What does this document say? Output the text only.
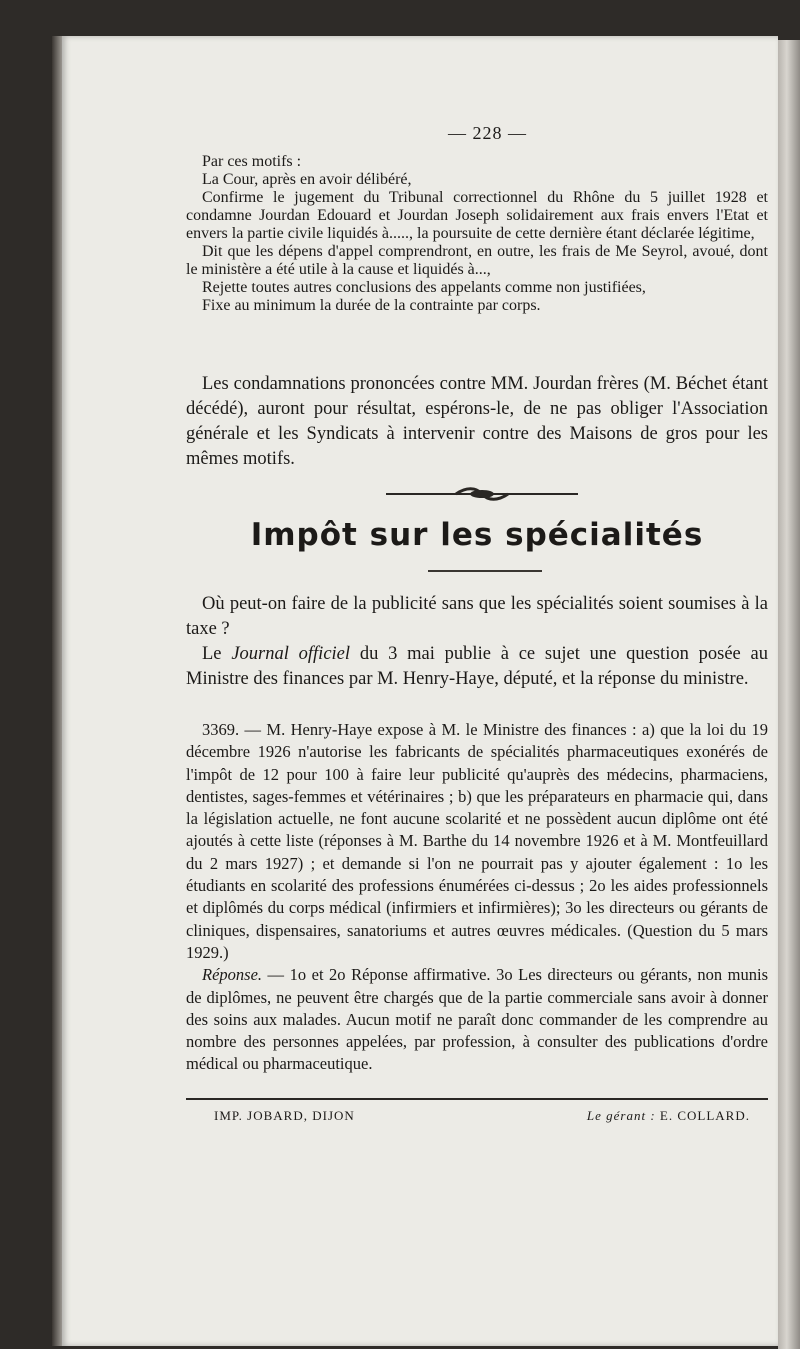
— 228 —

Par ces motifs :

La Cour, après en avoir délibéré,

Confirme le jugement du Tribunal correctionnel du Rhône du 5 juillet 1928 et condamne Jourdan Edouard et Jourdan Joseph solidairement aux frais envers l'Etat et envers la partie civile liquidés à....., la poursuite de cette dernière étant déclarée légitime,

Dit que les dépens d'appel comprendront, en outre, les frais de Me Seyrol, avoué, dont le ministère a été utile à la cause et liquidés à...,

Rejette toutes autres conclusions des appelants comme non justifiées,

Fixe au minimum la durée de la contrainte par corps.

Les condamnations prononcées contre MM. Jourdan frères (M. Béchet étant décédé), auront pour résultat, espérons-le, de ne pas obliger l'Association générale et les Syndicats à intervenir contre des Maisons de gros pour les mêmes motifs.

Impôt sur les spécialités

Où peut-on faire de la publicité sans que les spécialités soient soumises à la taxe ?

Le Journal officiel du 3 mai publie à ce sujet une question posée au Ministre des finances par M. Henry-Haye, député, et la réponse du ministre.

3369. — M. Henry-Haye expose à M. le Ministre des finances : a) que la loi du 19 décembre 1926 n'autorise les fabricants de spécialités pharmaceutiques exonérés de l'impôt de 12 pour 100 à faire leur publicité qu'auprès des médecins, pharmaciens, dentistes, sages-femmes et vétérinaires ; b) que les préparateurs en pharmacie qui, dans la législation actuelle, ne font aucune scolarité et ne possèdent aucun diplôme ont été ajoutés à cette liste (réponses à M. Barthe du 14 novembre 1926 et à M. Montfeuillard du 2 mars 1927) ; et demande si l'on ne pourrait pas y ajouter également : 1o les étudiants en scolarité des professions énumérées ci-dessus ; 2o les aides professionnels et diplômés du corps médical (infirmiers et infirmières); 3o les directeurs ou gérants de cliniques, dispensaires, sanatoriums et autres œuvres médicales. (Question du 5 mars 1929.)

Réponse. — 1o et 2o Réponse affirmative. 3o Les directeurs ou gérants, non munis de diplômes, ne peuvent être chargés que de la partie commerciale sans avoir à donner des soins aux malades. Aucun motif ne paraît donc commander de les comprendre au nombre des personnes appelées, par profession, à consulter des publications d'ordre médical ou pharmaceutique.

IMP. JOBARD, DIJON	Le gérant : E. COLLARD.
